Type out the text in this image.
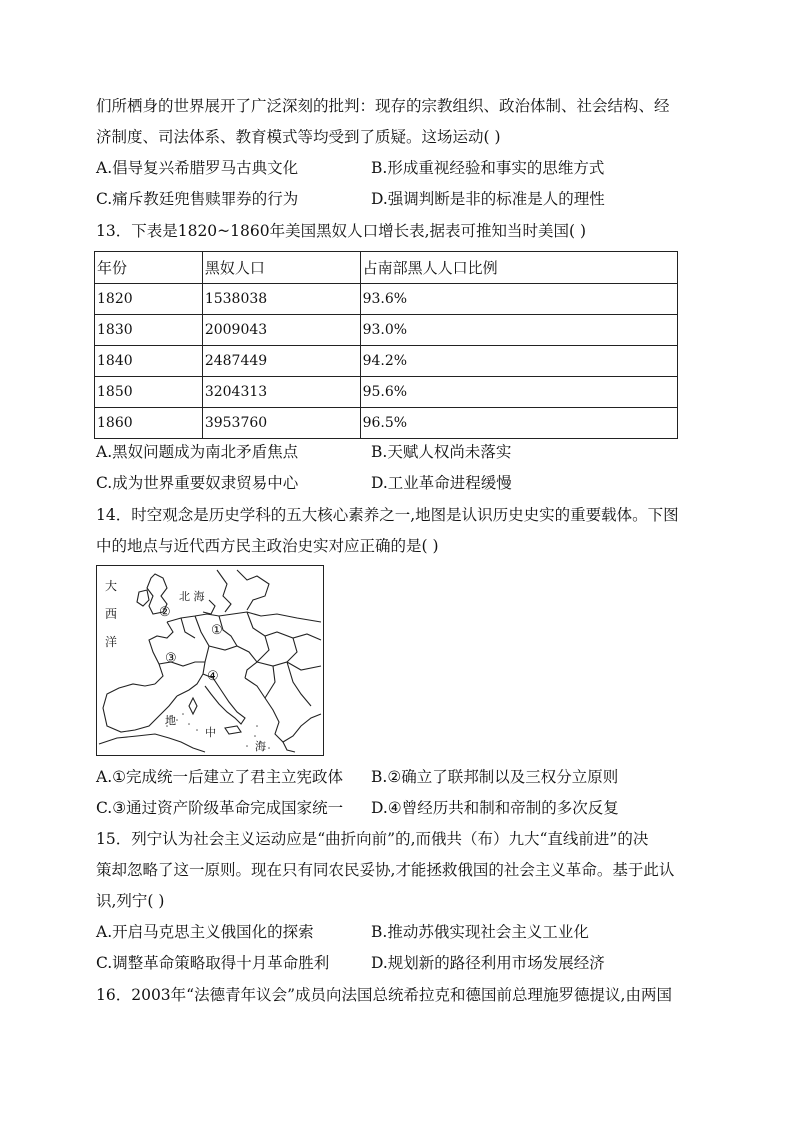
们所栖身的世界展开了广泛深刻的批判：现存的宗教组织、政治体制、社会结构、经
济制度、司法体系、教育模式等均受到了质疑。这场运动( )
A.倡导复兴希腊罗马古典文化	B.形成重视经验和事实的思维方式
C.痛斥教廷兜售赎罪券的行为	D.强调判断是非的标准是人的理性
13．下表是1820~1860年美国黑奴人口增长表,据表可推知当时美国( )
年份	黑奴人口	占南部黑人人口比例
1820	1538038	93.6%
1830	2009043	93.0%
1840	2487449	94.2%
1850	3204313	95.6%
1860	3953760	96.5%
A.黑奴问题成为南北矛盾焦点	B.天赋人权尚未落实
C.成为世界重要奴隶贸易中心	D.工业革命进程缓慢
14．时空观念是历史学科的五大核心素养之一,地图是认识历史史实的重要载体。下图
中的地点与近代西方民主政治史实对应正确的是( )
大
西
洋
北 海
①
②
③
④
地
中
海
A.①完成统一后建立了君主立宪政体 B.②确立了联邦制以及三权分立原则
C.③通过资产阶级革命完成国家统一 D.④曾经历共和制和帝制的多次反复
15．列宁认为社会主义运动应是“曲折向前”的,而俄共（布）九大“直线前进”的决
策却忽略了这一原则。现在只有同农民妥协,才能拯救俄国的社会主义革命。基于此认
识,列宁( )
A.开启马克思主义俄国化的探索	B.推动苏俄实现社会主义工业化
C.调整革命策略取得十月革命胜利	D.规划新的路径利用市场发展经济
16．2003年“法德青年议会”成员向法国总统希拉克和德国前总理施罗德提议,由两国
